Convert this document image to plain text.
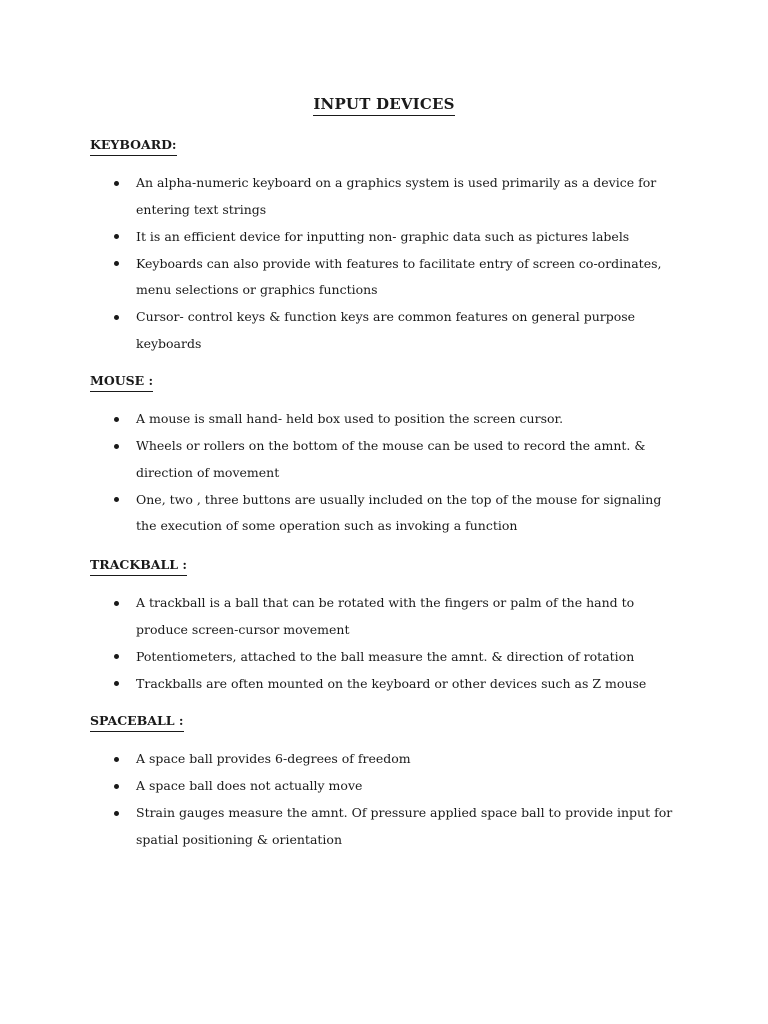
INPUT DEVICES
KEYBOARD:
An alpha-numeric keyboard on a graphics system is used primarily as a device for entering text strings
It is an efficient device for inputting non- graphic data such as pictures labels
Keyboards can also provide with features to facilitate entry of screen co-ordinates, menu selections or graphics functions
Cursor- control keys & function keys are common features on general purpose keyboards
MOUSE :
A mouse is small hand- held box used to position the screen cursor.
Wheels or rollers on the bottom of the mouse can be used to record the amnt. & direction of movement
One, two , three buttons are usually included on the top of the mouse for signaling the execution of some operation such as invoking a function
TRACKBALL :
A trackball is a ball that can be rotated with the fingers or palm of the hand to produce screen-cursor movement
Potentiometers, attached to the ball measure the amnt. & direction of rotation
Trackballs are often mounted on the keyboard or other devices such as Z mouse
SPACEBALL :
A space ball provides 6-degrees of freedom
A space ball does not actually move
Strain gauges measure the amnt. Of pressure applied space ball to provide input for spatial positioning & orientation
